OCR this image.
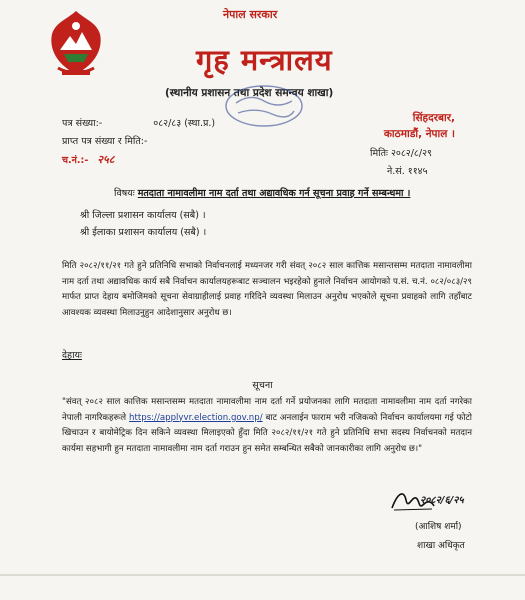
नेपाल सरकार
गृह मन्त्रालय
(स्थानीय प्रशासन तथा प्रदेश समन्वय शाखा)
पत्र संख्या:-	०८२/८३ (स्था.प्र.)
प्राप्त पत्र संख्या र मिति:-
च.नं.:- २५८
सिंहदरबार,
काठमाडौं, नेपाल ।
मितिः २०८२/८/२९
ने.सं. ११४५
विषयः मतदाता नामावलीमा नाम दर्ता तथा अद्यावधिक गर्न सूचना प्रवाह गर्ने सम्बन्धमा ।
श्री जिल्ला प्रशासन कार्यालय (सबै) ।
श्री ईलाका प्रशासन कार्यालय (सबै) ।
मिति २०८२/११/२१ गते हुने प्रतिनिधि सभाको निर्वाचनलाई मध्यनजर गरी संवत् २०८२ साल कात्तिक मसान्तसम्म मतदाता नामावलीमा नाम दर्ता तथा अद्यावधिक कार्य सबै निर्वाचन कार्यालयहरूबाट सञ्चालन भइरहेको हुनाले निर्वाचन आयोगको प.सं. च.नं. ०८२/०८३/२९ मार्फत प्राप्त देहाय बमोजिमको सूचना सेवाग्राहीलाई प्रवाह गरिदिने व्यवस्था मिलाउन अनुरोध भएकोले सूचना प्रवाहको लागि तहाँबाट आवश्यक व्यवस्था मिलाउनुहुन आदेशानुसार अनुरोध छ।
देहायः
सूचना
"संवत् २०८२ साल कात्तिक मसान्तसम्म मतदाता नामावलीमा नाम दर्ता गर्ने प्रयोजनका लागि मतदाता नामावलीमा नाम दर्ता नगरेका नेपाली नागरिकहरूले https://applyvr.election.gov.np/ बाट अनलाईन फाराम भरी नजिकको निर्वाचन कार्यालयमा गई फोटो खिचाउन र बायोमेट्रिक दिन सकिने व्यवस्था मिलाइएको हुँदा मिति २०८२/११/२१ गते हुने प्रतिनिधि सभा सदस्य निर्वाचनको मतदान कार्यमा सहभागी हुन मतदाता नामावलीमा नाम दर्ता गराउन हुन समेत सम्बन्धित सबैको जानकारीका लागि अनुरोध छ।"
२०८२/६/२५
(आशिष शर्मा)
शाखा अधिकृत
